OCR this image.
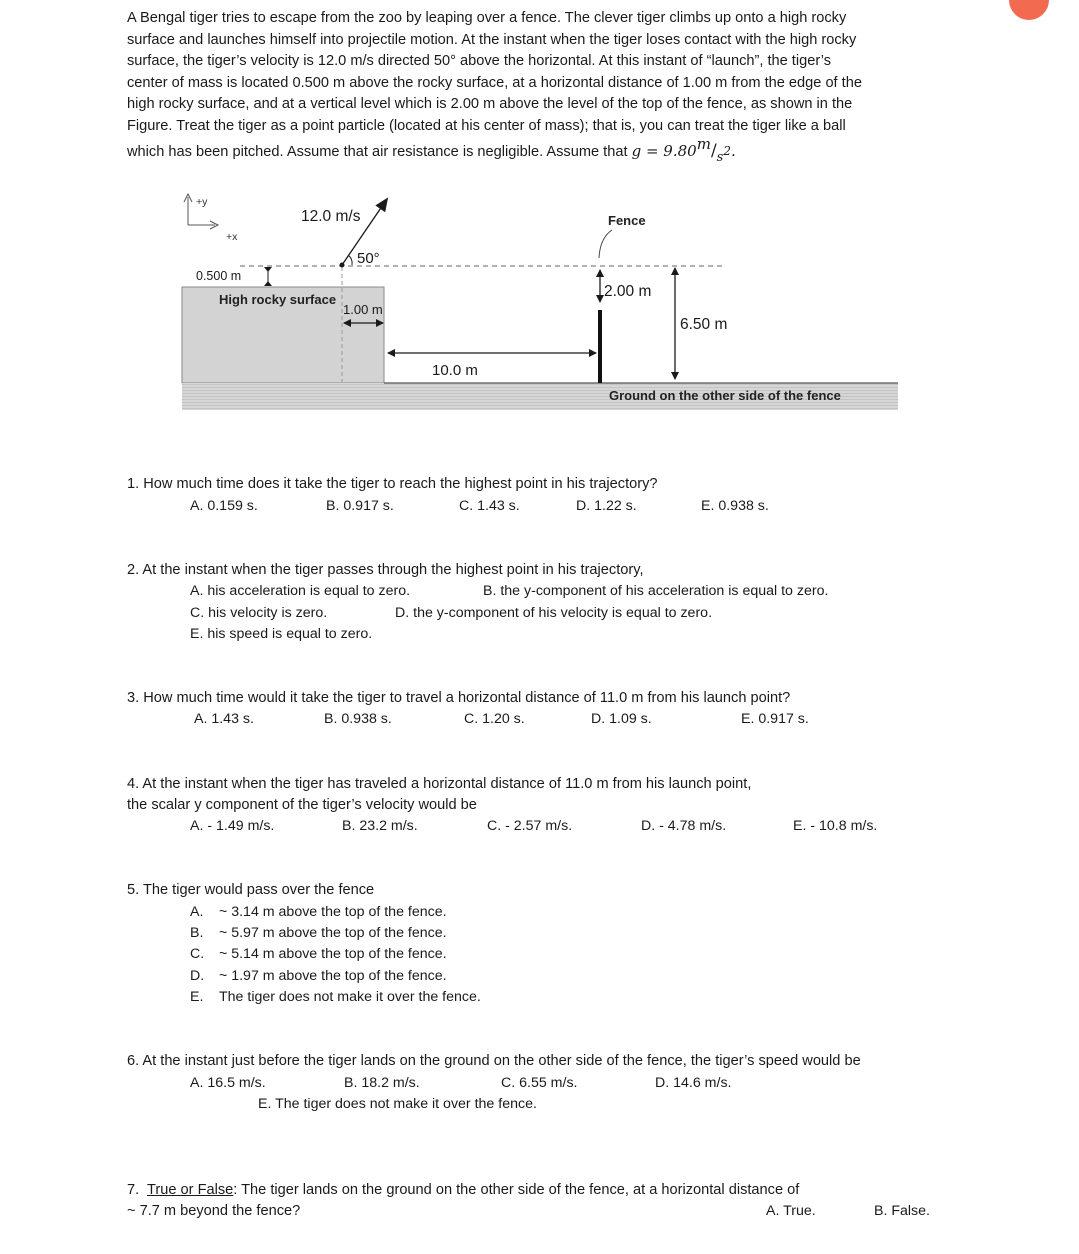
A Bengal tiger tries to escape from the zoo by leaping over a fence. The clever tiger climbs up onto a high rocky
surface and launches himself into projectile motion. At the instant when the tiger loses contact with the high rocky
surface, the tiger’s velocity is 12.0 m/s directed 50° above the horizontal. At this instant of “launch”, the tiger’s
center of mass is located 0.500 m above the rocky surface, at a horizontal distance of 1.00 m from the edge of the
high rocky surface, and at a vertical level which is 2.00 m above the level of the top of the fence, as shown in the
Figure. Treat the tiger as a point particle (located at his center of mass); that is, you can treat the tiger like a ball
which has been pitched. Assume that air resistance is negligible. Assume that g = 9.80m/s2.
+y
+x
0.500 m
High rocky surface
12.0 m/s
50°
1.00 m
10.0 m
Fence
2.00 m
6.50 m
Ground on the other side of the fence
1. How much time does it take the tiger to reach the highest point in his trajectory?
A. 0.159 s.	B. 0.917 s.	C. 1.43 s.	D. 1.22 s.	E. 0.938 s.
2. At the instant when the tiger passes through the highest point in his trajectory,
A. his acceleration is equal to zero.	B. the y-component of his acceleration is equal to zero.
C. his velocity is zero.	D. the y-component of his velocity is equal to zero.
E. his speed is equal to zero.
3. How much time would it take the tiger to travel a horizontal distance of 11.0 m from his launch point?
A. 1.43 s.	B. 0.938 s.	C. 1.20 s.	D. 1.09 s.	E. 0.917 s.
4. At the instant when the tiger has traveled a horizontal distance of 11.0 m from his launch point,
the scalar y component of the tiger’s velocity would be
A. - 1.49 m/s.	B. 23.2 m/s.	C. - 2.57 m/s.	D. - 4.78 m/s.	E. - 10.8 m/s.
5. The tiger would pass over the fence
A. ~ 3.14 m above the top of the fence.
B. ~ 5.97 m above the top of the fence.
C. ~ 5.14 m above the top of the fence.
D. ~ 1.97 m above the top of the fence.
E. The tiger does not make it over the fence.
6. At the instant just before the tiger lands on the ground on the other side of the fence, the tiger’s speed would be
A. 16.5 m/s.	B. 18.2 m/s.	C. 6.55 m/s.	D. 14.6 m/s.
E. The tiger does not make it over the fence.
7. True or False: The tiger lands on the ground on the other side of the fence, at a horizontal distance of
~ 7.7 m beyond the fence?	A. True.	B. False.
